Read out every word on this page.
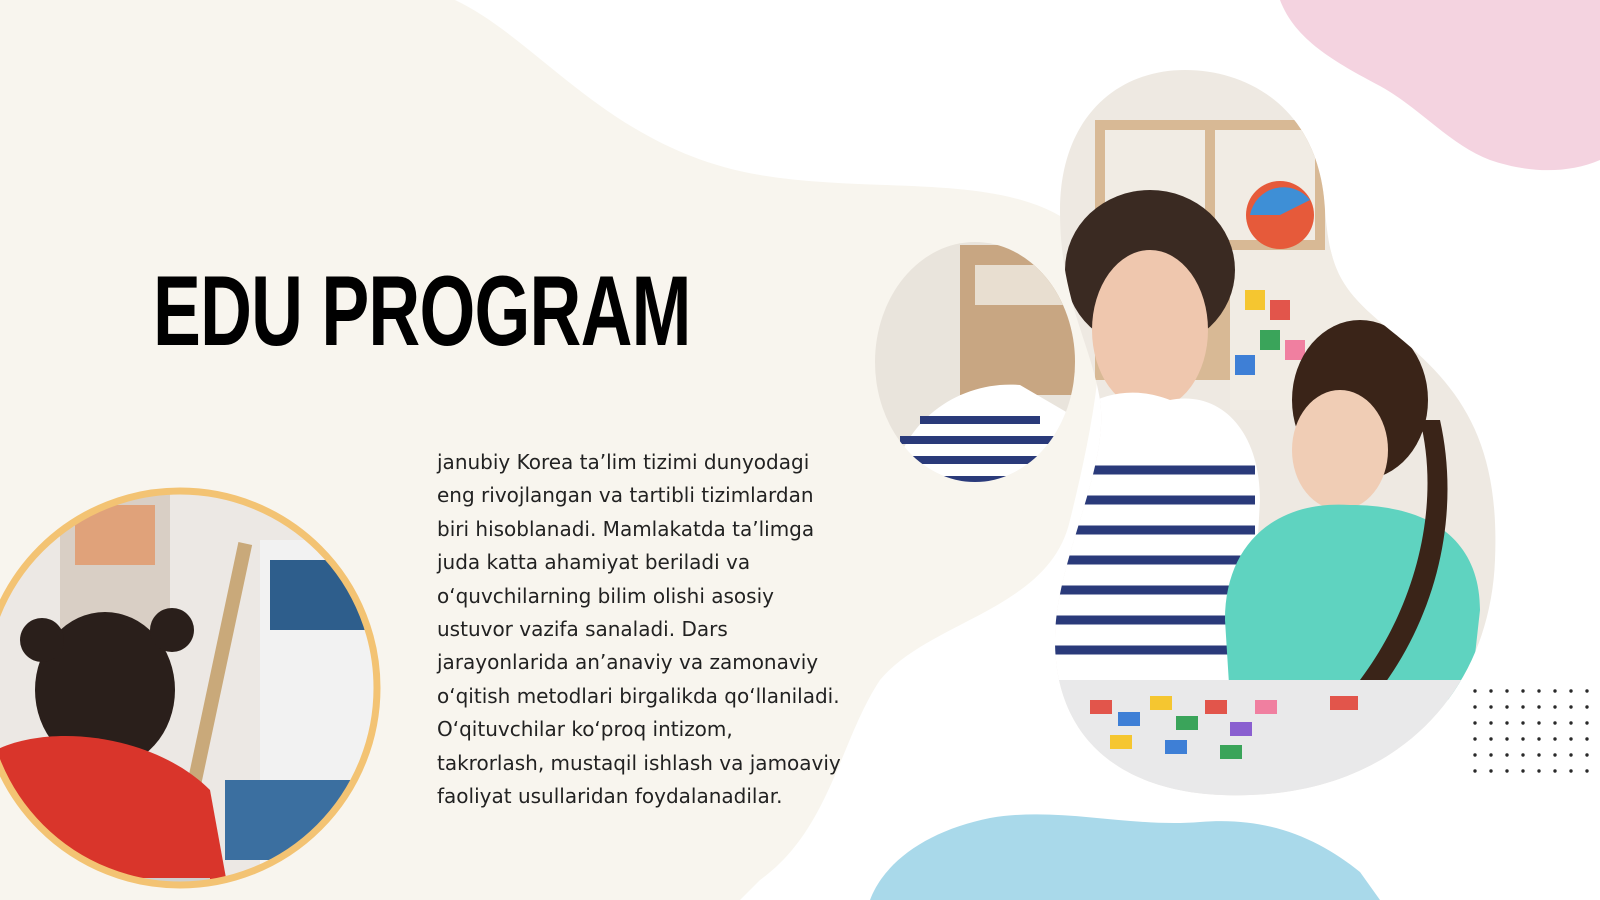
EDU PROGRAM

janubiy Korea ta’lim tizimi dunyodagi
eng rivojlangan va tartibli tizimlardan
biri hisoblanadi. Mamlakatda ta’limga
juda katta ahamiyat beriladi va
o‘quvchilarning bilim olishi asosiy
ustuvor vazifa sanaladi. Dars
jarayonlarida an’anaviy va zamonaviy
o‘qitish metodlari birgalikda qo‘llaniladi.
O‘qituvchilar ko‘proq intizom,
takrorlash, mustaqil ishlash va jamoaviy
faoliyat usullaridan foydalanadilar.
